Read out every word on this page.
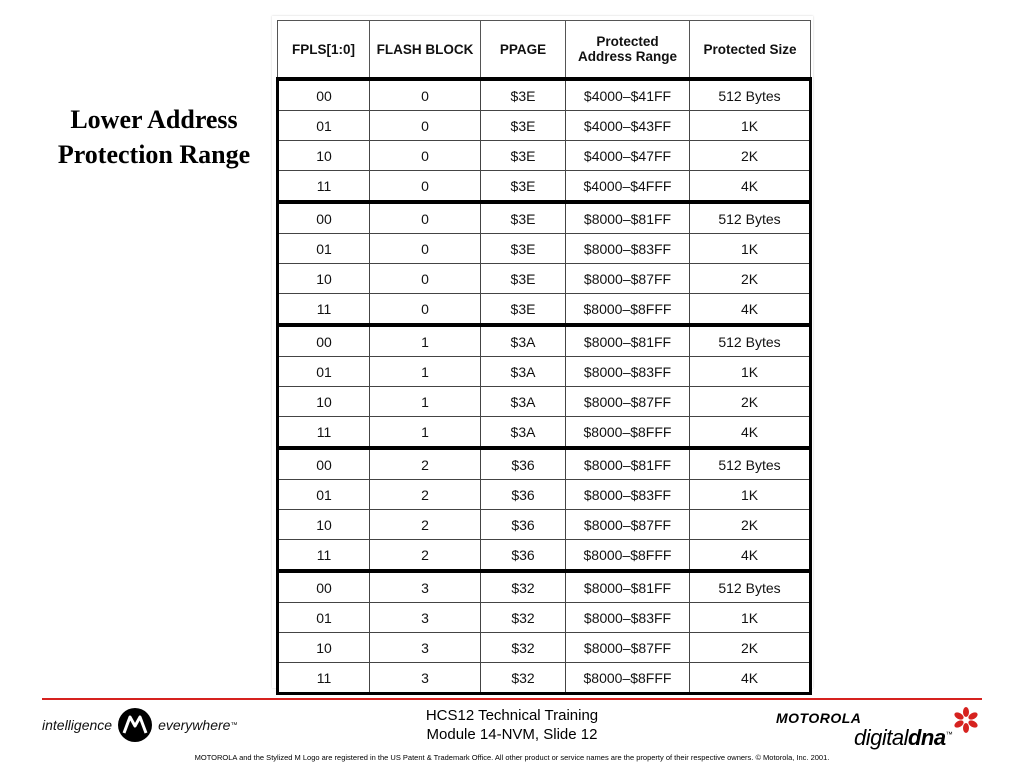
Lower Address
Protection Range
FPLS[1:0]	FLASH BLOCK	PPAGE	Protected Address Range	Protected Size
00	0	$3E	$4000–$41FF	512 Bytes
01	0	$3E	$4000–$43FF	1K
10	0	$3E	$4000–$47FF	2K
11	0	$3E	$4000–$4FFF	4K
00	0	$3E	$8000–$81FF	512 Bytes
01	0	$3E	$8000–$83FF	1K
10	0	$3E	$8000–$87FF	2K
11	0	$3E	$8000–$8FFF	4K
00	1	$3A	$8000–$81FF	512 Bytes
01	1	$3A	$8000–$83FF	1K
10	1	$3A	$8000–$87FF	2K
11	1	$3A	$8000–$8FFF	4K
00	2	$36	$8000–$81FF	512 Bytes
01	2	$36	$8000–$83FF	1K
10	2	$36	$8000–$87FF	2K
11	2	$36	$8000–$8FFF	4K
00	3	$32	$8000–$81FF	512 Bytes
01	3	$32	$8000–$83FF	1K
10	3	$32	$8000–$87FF	2K
11	3	$32	$8000–$8FFF	4K
intelligence	everywhere ™
HCS12 Technical Training
Module 14-NVM, Slide 12
MOTOROLA
digitaldna™
MOTOROLA and the Stylized M Logo are registered in the US Patent & Trademark Office. All other product or service names are the property of their respective owners. © Motorola, Inc. 2001.
